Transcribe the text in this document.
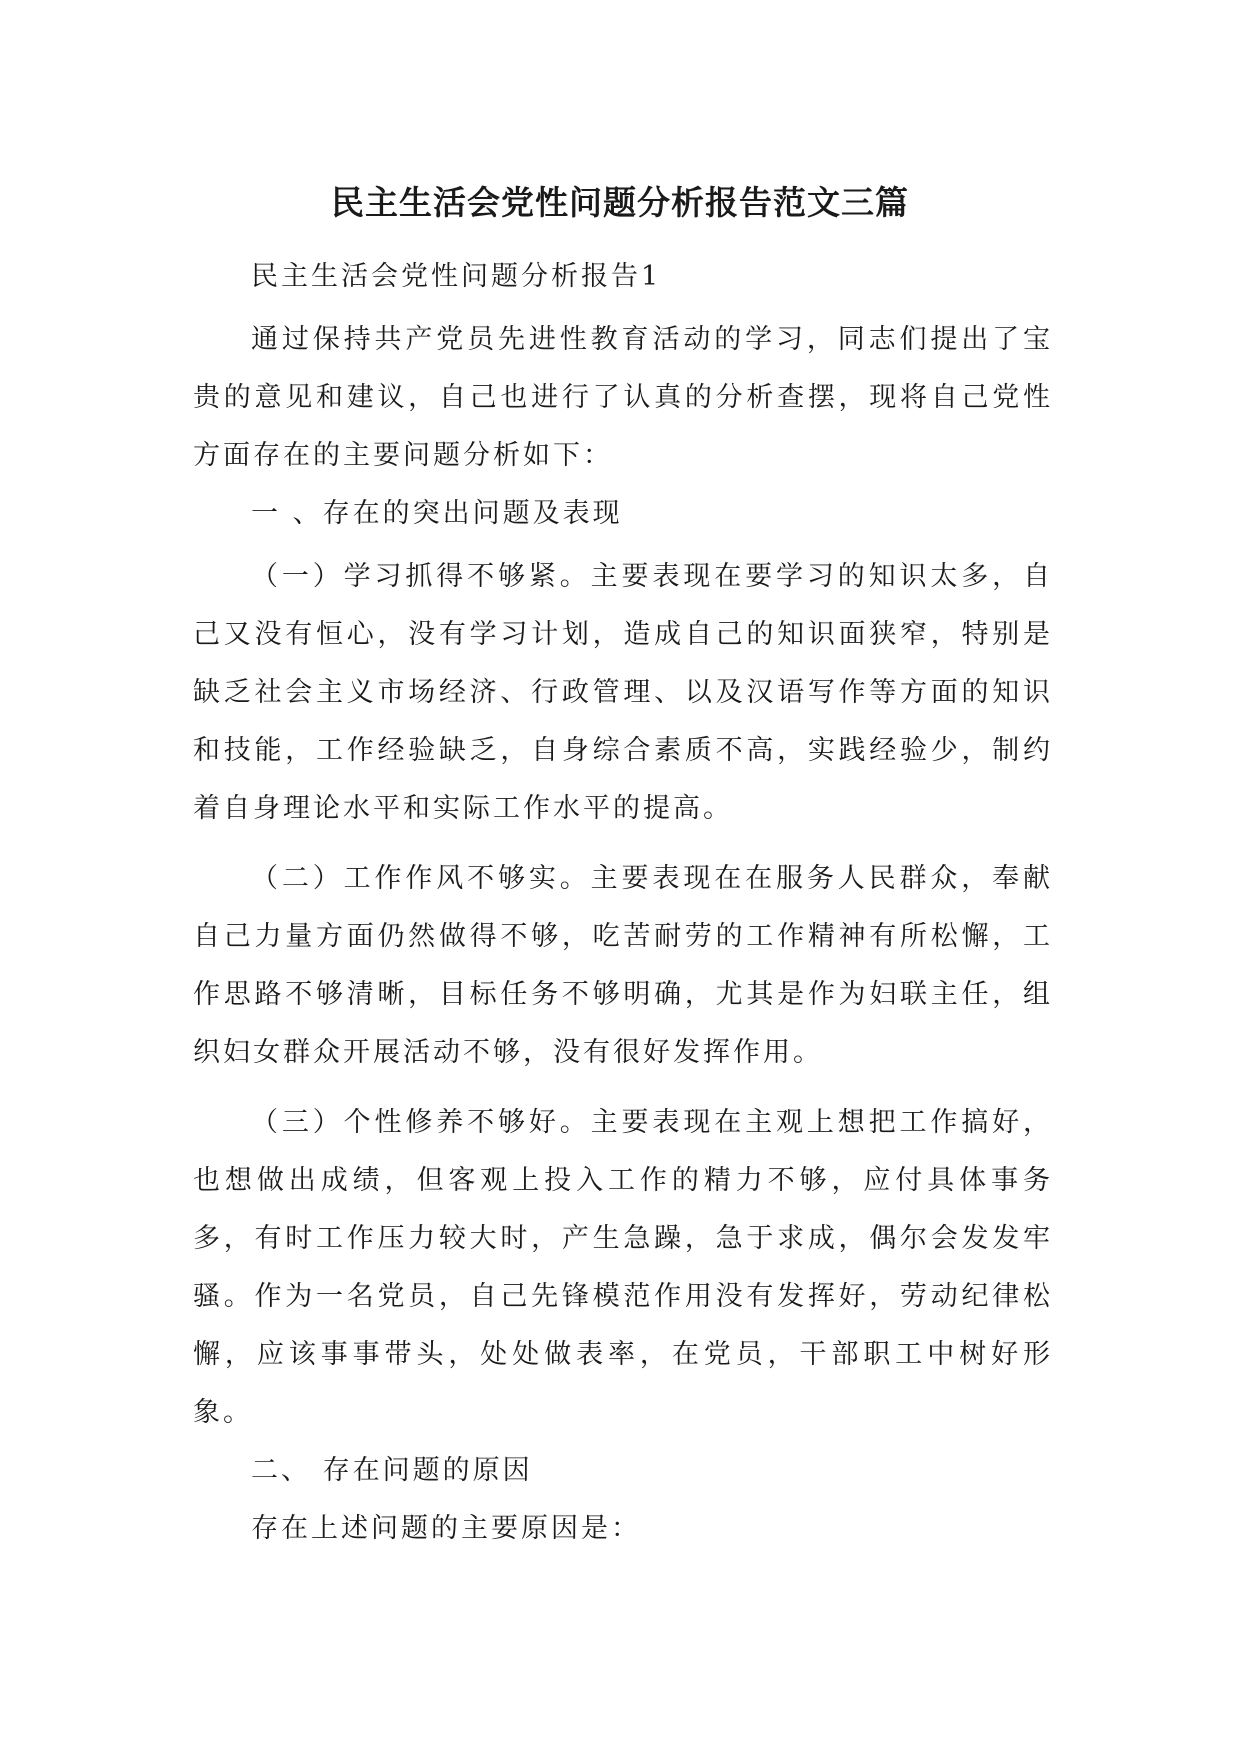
民主生活会党性问题分析报告范文三篇

民主生活会党性问题分析报告1

通过保持共产党员先进性教育活动的学习，同志们提出了宝贵的意见和建议，自己也进行了认真的分析查摆，现将自己党性方面存在的主要问题分析如下：

一 、存在的突出问题及表现

（一）学习抓得不够紧。主要表现在要学习的知识太多，自己又没有恒心，没有学习计划，造成自己的知识面狭窄，特别是缺乏社会主义市场经济、行政管理、以及汉语写作等方面的知识和技能，工作经验缺乏，自身综合素质不高，实践经验少，制约着自身理论水平和实际工作水平的提高。

（二）工作作风不够实。主要表现在在服务人民群众，奉献自己力量方面仍然做得不够，吃苦耐劳的工作精神有所松懈，工作思路不够清晰，目标任务不够明确，尤其是作为妇联主任，组织妇女群众开展活动不够，没有很好发挥作用。

（三）个性修养不够好。主要表现在主观上想把工作搞好，也想做出成绩，但客观上投入工作的精力不够，应付具体事务多，有时工作压力较大时，产生急躁，急于求成，偶尔会发发牢骚。作为一名党员，自己先锋模范作用没有发挥好，劳动纪律松懈，应该事事带头，处处做表率，在党员，干部职工中树好形象。

二、 存在问题的原因

存在上述问题的主要原因是：
